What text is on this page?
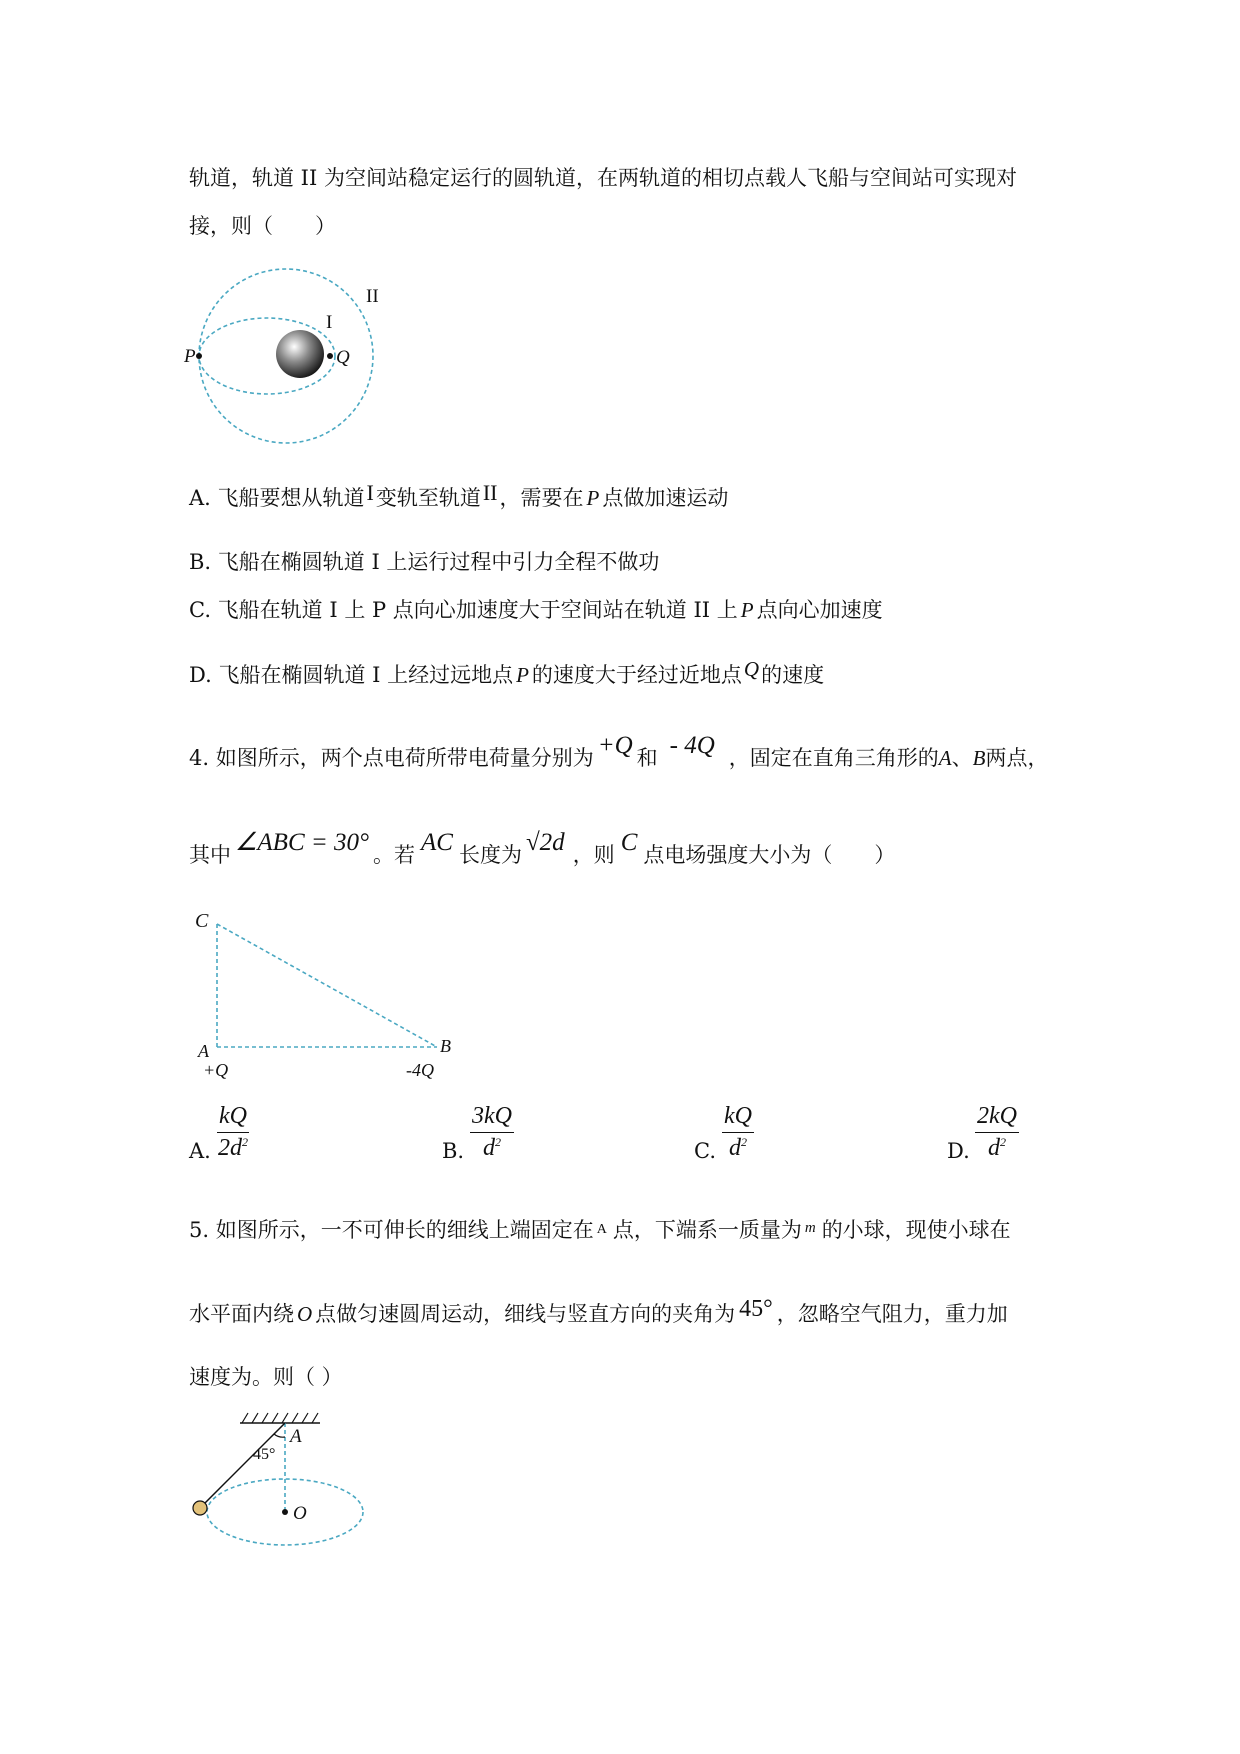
轨道，轨道 II 为空间站稳定运行的圆轨道，在两轨道的相切点载人飞船与空间站可实现对
接，则（　　）
II
I
P	Q
A. 飞船要想从轨道I变轨至轨道II，需要在 P 点做加速运动
B. 飞船在椭圆轨道 I 上运行过程中引力全程不做功
C. 飞船在轨道 I 上 P 点向心加速度大于空间站在轨道 II 上 P 点向心加速度
D. 飞船在椭圆轨道 I 上经过远地点 P 的速度大于经过近地点Q的速度
4. 如图所示，两个点电荷所带电荷量分别为 +Q 和 - 4Q ，固定在直角三角形的A、B两点，
其中 ∠ABC = 30° 。若 AC 长度为 √2d ，则 C 点电场强度大小为（　　）
C
A	B
+Q	-4Q
A. $\frac{kQ}{2d^2}$	B. $\frac{3kQ}{d^2}$	C. $\frac{kQ}{d^2}$	D. $\frac{2kQ}{d^2}$
5. 如图所示，一不可伸长的细线上端固定在 A 点，下端系一质量为 $^m$ 的小球，现使小球在
水平面内绕 O 点做匀速圆周运动，细线与竖直方向的夹角为 45° ，忽略空气阻力，重力加
速度为。则（ ）
A
45°
O
